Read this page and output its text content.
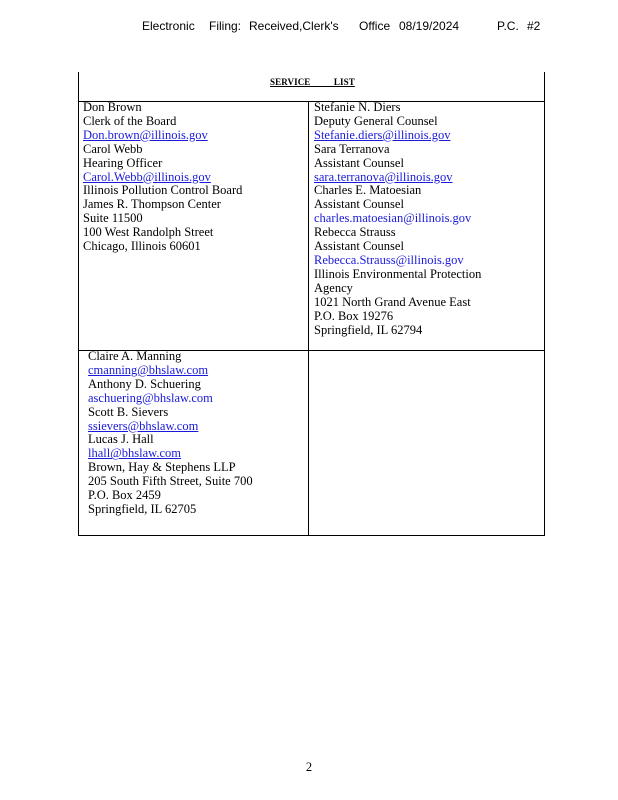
Electronic Filing: Received,Clerk's Office 08/19/2024	P.C. #2
SERVICE          LIST
Don Brown
Clerk of the Board
Don.brown@illinois.gov
Carol Webb
Hearing Officer
Carol.Webb@illinois.gov
Illinois Pollution Control Board
James R. Thompson Center
Suite 11500
100 West Randolph Street
Chicago, Illinois 60601
Stefanie N. Diers
Deputy General Counsel
Stefanie.diers@illinois.gov
Sara Terranova
Assistant Counsel
sara.terranova@illinois.gov
Charles E. Matoesian
Assistant Counsel
charles.matoesian@illinois.gov
Rebecca Strauss
Assistant Counsel
Rebecca.Strauss@illinois.gov
Illinois Environmental Protection
Agency
1021 North Grand Avenue East
P.O. Box 19276
Springfield, IL 62794
Claire A. Manning
cmanning@bhslaw.com
Anthony D. Schuering
aschuering@bhslaw.com
Scott B. Sievers
ssievers@bhslaw.com
Lucas J. Hall
lhall@bhslaw.com
Brown, Hay & Stephens LLP
205 South Fifth Street, Suite 700
P.O. Box 2459
Springfield, IL 62705
2
